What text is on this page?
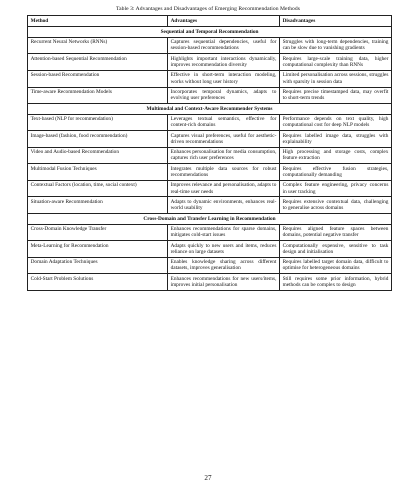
Table 3: Advantages and Disadvantages of Emerging Recommendation Methods
Method	Advantages	Disadvantages
Sequential and Temporal Recommendation		
Recurrent Neural Networks (RNNs)	Captures sequential dependencies, useful for session-based recommendations	Struggles with long-term dependencies, training can be slow due to vanishing gradients
Attention-based Sequential Recommendation	Highlights important interactions dynamically, improves recommendation diversity	Requires large-scale training data, higher computational complexity than RNNs
Session-based Recommendation	Effective in short-term interaction modeling, works without long user history	Limited personalisation across sessions, struggles with sparsity in session data
Time-aware Recommendation Models	Incorporates temporal dynamics, adapts to evolving user preferences	Requires precise timestamped data, may overfit to short-term trends
Multimodal and Context-Aware Recommender Systems		
Text-based (NLP for recommendation)	Leverages textual semantics, effective for content-rich domains	Performance depends on text quality, high computational cost for deep NLP models
Image-based (fashion, food recommendation)	Captures visual preferences, useful for aesthetic-driven recommendations	Requires labelled image data, struggles with explainability
Video and Audio-based Recommendation	Enhances personalisation for media consumption, captures rich user preferences	High processing and storage costs, complex feature extraction
Multimodal Fusion Techniques	Integrates multiple data sources for robust recommendations	Requires effective fusion strategies, computationally demanding
Contextual Factors (location, time, social context)	Improves relevance and personalisation, adapts to real-time user needs	Complex feature engineering, privacy concerns in user tracking
Situation-aware Recommendation	Adapts to dynamic environments, enhances real-world usability	Requires extensive contextual data, challenging to generalise across domains
Cross-Domain and Transfer Learning in Recommendation		
Cross-Domain Knowledge Transfer	Enhances recommendations for sparse domains, mitigates cold-start issues	Requires aligned feature spaces between domains, potential negative transfer
Meta-Learning for Recommendation	Adapts quickly to new users and items, reduces reliance on large datasets	Computationally expensive, sensitive to task design and initialisation
Domain Adaptation Techniques	Enables knowledge sharing across different datasets, improves generalisation	Requires labelled target domain data, difficult to optimise for heterogeneous domains
Cold-Start Problem Solutions	Enhances recommendations for new users/items, improves initial personalisation	Still requires some prior information, hybrid methods can be complex to design
27
